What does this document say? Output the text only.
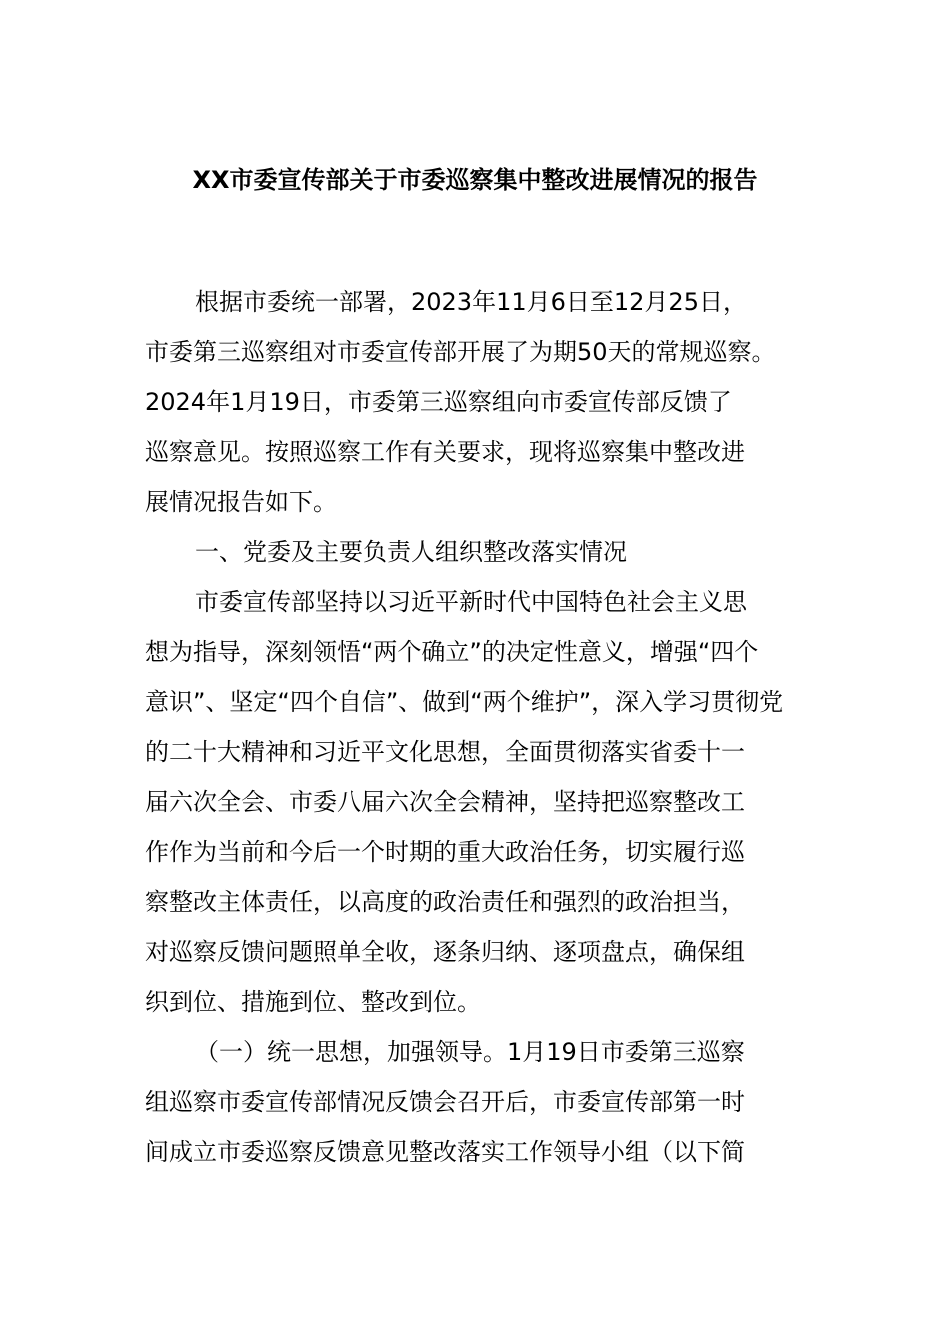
XX市委宣传部关于市委巡察集中整改进展情况的报告
根据市委统一部署，2023年11月6日至12月25日，
市委第三巡察组对市委宣传部开展了为期50天的常规巡察。
2024年1月19日，市委第三巡察组向市委宣传部反馈了
巡察意见。按照巡察工作有关要求，现将巡察集中整改进
展情况报告如下。
一、党委及主要负责人组织整改落实情况
市委宣传部坚持以习近平新时代中国特色社会主义思
想为指导，深刻领悟“两个确立”的决定性意义，增强“四个
意识”、坚定“四个自信”、做到“两个维护”，深入学习贯彻党
的二十大精神和习近平文化思想，全面贯彻落实省委十一
届六次全会、市委八届六次全会精神，坚持把巡察整改工
作作为当前和今后一个时期的重大政治任务，切实履行巡
察整改主体责任，以高度的政治责任和强烈的政治担当，
对巡察反馈问题照单全收，逐条归纳、逐项盘点，确保组
织到位、措施到位、整改到位。
（一）统一思想，加强领导。1月19日市委第三巡察
组巡察市委宣传部情况反馈会召开后，市委宣传部第一时
间成立市委巡察反馈意见整改落实工作领导小组（以下简
